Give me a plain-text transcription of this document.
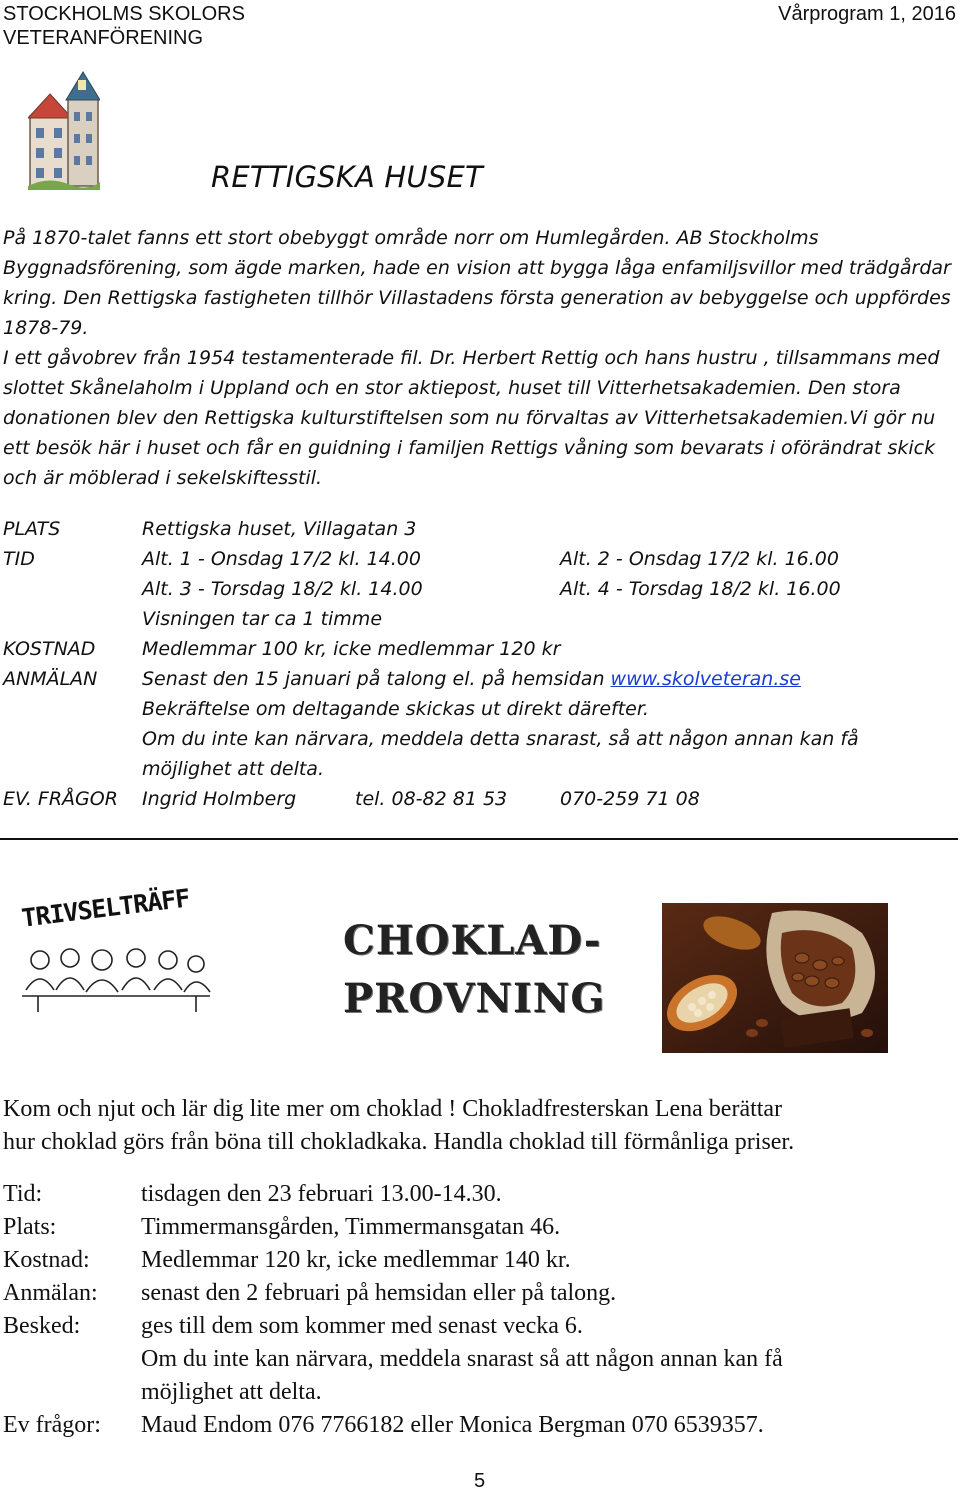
STOCKHOLMS SKOLORS
VETERANFÖRENING
Vårprogram 1, 2016
RETTIGSKA HUSET
På 1870-talet fanns ett stort obebyggt område norr om Humlegården. AB Stockholms Byggnadsförening, som ägde marken, hade en vision att bygga låga enfamiljsvillor med trädgårdar kring. Den Rettigska fastigheten tillhör Villastadens första generation av bebyggelse och uppfördes 1878-79.
I ett gåvobrev från 1954 testamenterade fil. Dr. Herbert Rettig och hans hustru , tillsammans med slottet Skånelaholm i Uppland och en stor aktiepost, huset till Vitterhetsakademien. Den stora donationen blev den Rettigska kulturstiftelsen som nu förvaltas av Vitterhetsakademien.Vi gör nu ett besök här i huset och får en guidning i familjen Rettigs våning som bevarats i oförändrat skick och är möblerad i sekelskiftesstil.
PLATS	Rettigska huset, Villagatan 3
TID	Alt. 1 - Onsdag 17/2 kl. 14.00	Alt. 2 - Onsdag 17/2 kl. 16.00
Alt. 3 - Torsdag 18/2 kl. 14.00	Alt. 4 - Torsdag 18/2 kl. 16.00
Visningen tar ca 1 timme
KOSTNAD Medlemmar 100 kr, icke medlemmar 120 kr
ANMÄLAN Senast den 15 januari på talong el. på hemsidan www.skolveteran.se
Bekräftelse om deltagande skickas ut direkt därefter.
Om du inte kan närvara, meddela detta snarast, så att någon annan kan få
möjlighet att delta.
EV. FRÅGOR Ingrid Holmberg	tel. 08-82 81 53	070-259 71 08
TRIVSELTRÄFF
CHOKLAD-
PROVNING
Kom och njut och lär dig lite mer om choklad ! Chokladfresterskan Lena berättar
hur choklad görs från böna till chokladkaka. Handla choklad till förmånliga priser.
Tid:	tisdagen den 23 februari 13.00-14.30.
Plats:	Timmermansgården, Timmermansgatan 46.
Kostnad: Medlemmar 120 kr, icke medlemmar 140 kr.
Anmälan: senast den 2 februari på hemsidan eller på talong.
Besked:	ges till dem som kommer med senast vecka 6.
Om du inte kan närvara, meddela snarast så att någon annan kan få
möjlighet att delta.
Ev frågor: Maud Endom 076 7766182 eller Monica Bergman 070 6539357.
5
